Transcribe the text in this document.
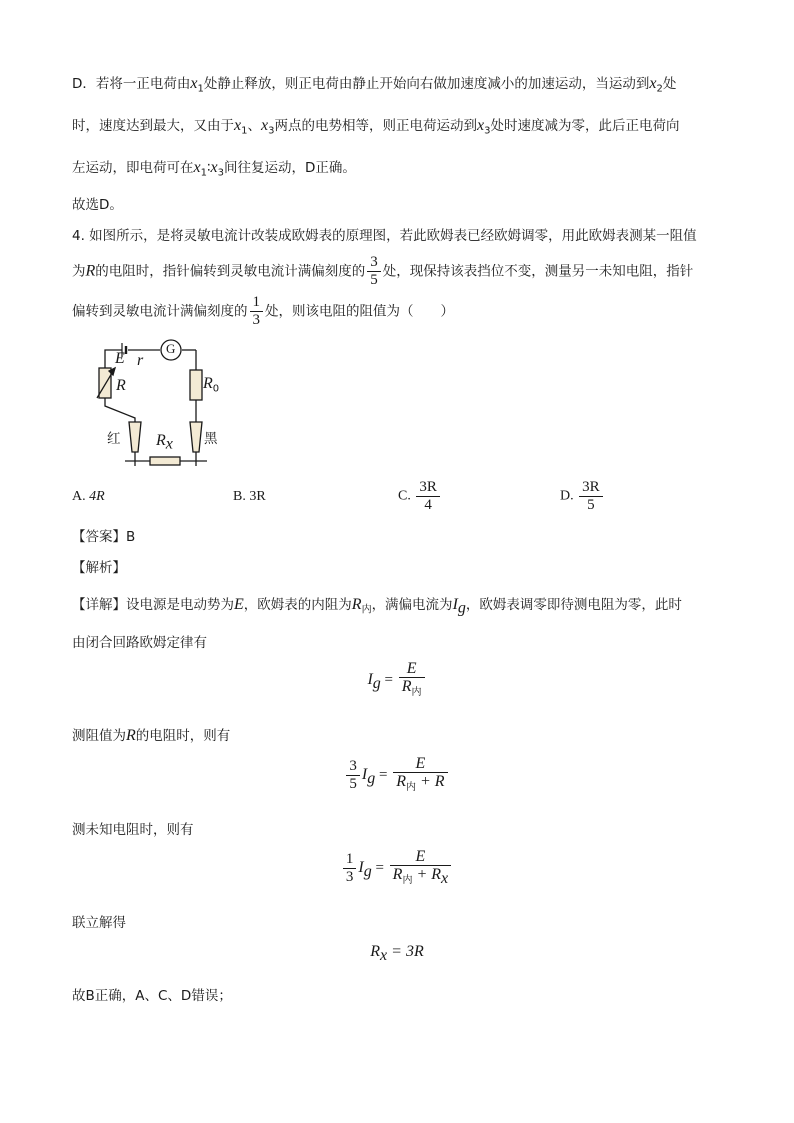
D．若将一正电荷由$x_1$处静止释放，则正电荷由静止开始向右做加速度减小的加速运动，当运动到$x_2$处
时，速度达到最大，又由于$x_1$、$x_3$两点的电势相等，则正电荷运动到$x_3$处时速度减为零，此后正电荷向
左运动，即电荷可在$x_1∶x_3$间往复运动，D正确。
故选D。
4. 如图所示，是将灵敏电流计改装成欧姆表的原理图，若此欧姆表已经欧姆调零，用此欧姆表测某一阻值
为R的电阻时，指针偏转到灵敏电流计满偏刻度的 $\frac{3}{5}$ 处，现保持该表挡位不变，测量另一未知电阻，指针
偏转到灵敏电流计满偏刻度的 $\frac{1}{3}$ 处，则该电阻的阻值为（　　）
E r
G
R	$R_0$
红	黑
$R_x$
A. 4R	B. 3R	C. $\frac{3R}{4}$	D. $\frac{3R}{5}$
【答案】B
【解析】
【详解】设电源是电动势为E，欧姆表的内阻为$R_内$，满偏电流为$I_g$，欧姆表调零即待测电阻为零，此时
由闭合回路欧姆定律有
$I_g = \frac{E}{R_内}$
测阻值为R的电阻时，则有
$\frac{3}{5} I_g = \frac{E}{R_内 + R}$
测未知电阻时，则有
$\frac{1}{3} I_g = \frac{E}{R_内 + R_x}$
联立解得
$R_x = 3R$
故B正确，A、C、D错误；
